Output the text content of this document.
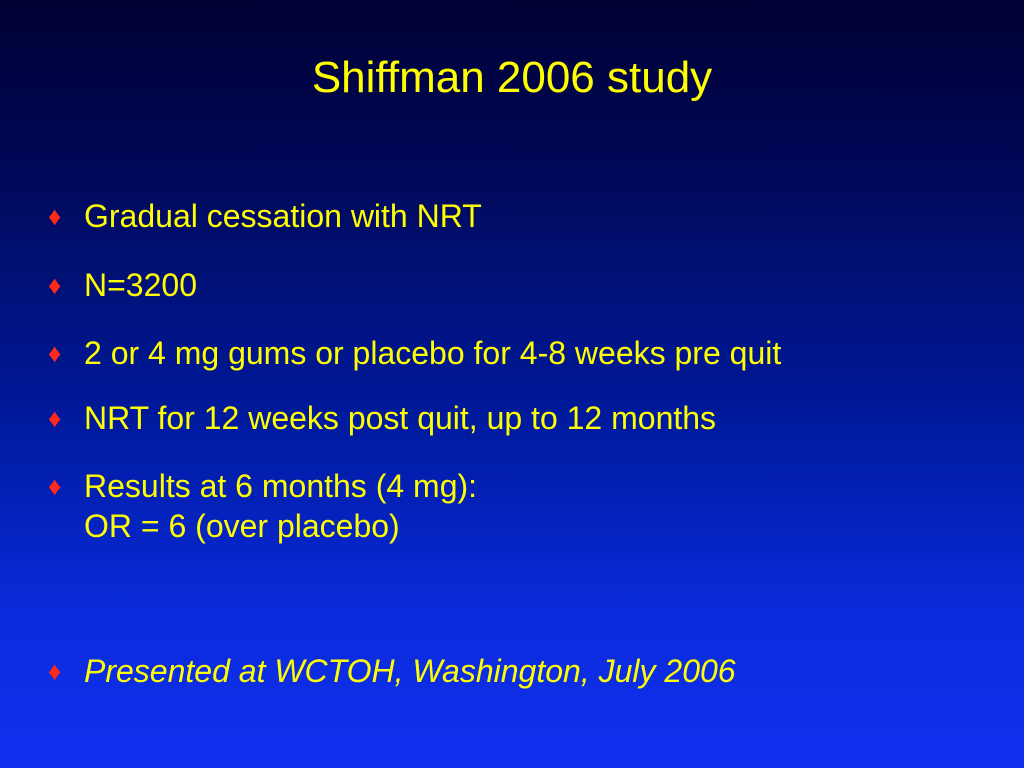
Shiffman 2006 study
♦ Gradual cessation with NRT
♦ N=3200
♦ 2 or 4 mg gums or placebo for 4-8 weeks pre quit
♦ NRT for 12 weeks post quit, up to 12 months
♦ Results at 6 months (4 mg):
OR = 6 (over placebo)
♦ Presented at WCTOH, Washington, July 2006
